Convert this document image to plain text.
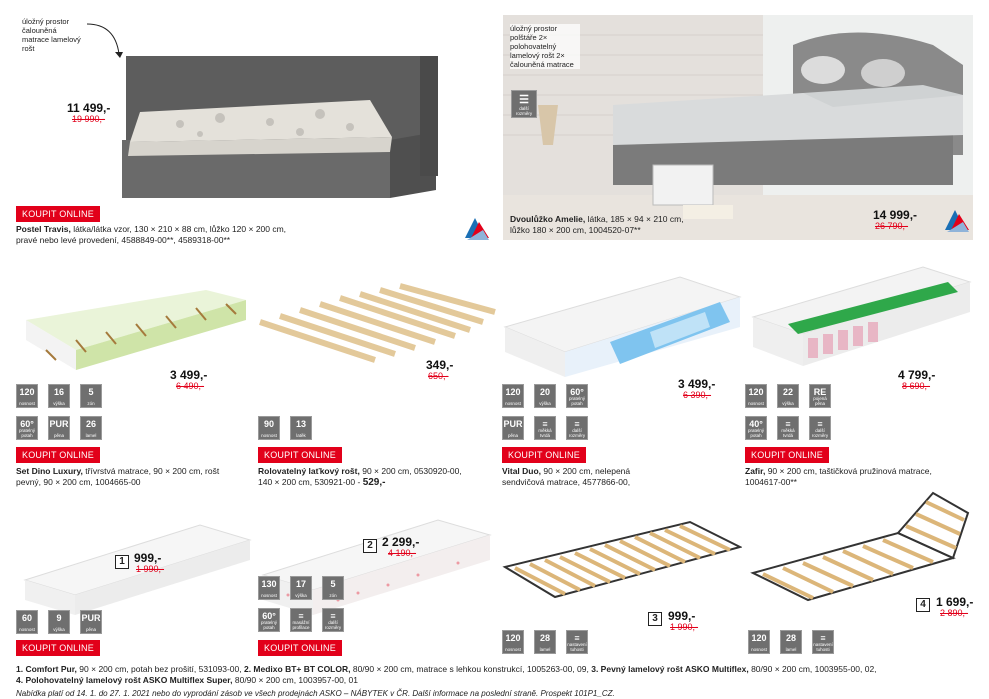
úložný prostor čalouněná matrace lamelový rošt
11 499,-
19 990,-
KOUPIT ONLINE
Postel Travis, látka/látka vzor, 130 × 210 × 88 cm, lůžko 120 × 200 cm, pravé nebo levé provedení, 4588849-00**, 4589318-00**
úložný prostor polštáře 2× polohovatelný lamelový rošt 2× čalouněná matrace
☰
další rozměry
14 999,-
26 790,-
Dvoulůžko Amelie, látka, 185 × 94 × 210 cm, lůžko 180 × 200 cm, 1004520-07**
3 499,-
6 490,-
120
nosnost
16
výška
5
zón
60°
pratelný potah
PUR
pěna
26
lamel
KOUPIT ONLINE
Set Dino Luxury, třívrstvá matrace, 90 × 200 cm, rošt pevný, 90 × 200 cm, 1004665-00
349,-
650,-
90
nosnost
13
latěk
KOUPIT ONLINE
Rolovatelný laťkový rošt, 90 × 200 cm, 0530920-00, 140 × 200 cm, 530921-00 - 529,-
3 499,-
6 390,-
120
nosnost
20
výška
60°
pratelný potah
PUR
pěna
≡
měkká tvrdá
≡
další rozměry
KOUPIT ONLINE
Vital Duo, 90 × 200 cm, nelepená sendvičová matrace, 4577866-00,
4 799,-
8 690,-
120
nosnost
22
výška
RE
pojená pěna
40°
pratelný potah
≡
měkká tvrdá
≡
další rozměry
KOUPIT ONLINE
Zafir, 90 × 200 cm, taštičková pružinová matrace, 1004617-00**
1 999,-
1 990,-
60
nosnost
9
výška
PUR
pěna
KOUPIT ONLINE
2 2 299,-
4 190,-
130
nosnost
17
výška
5
zón
60°
pratelný potah
≡
masážní profilace
≡
další rozměry
KOUPIT ONLINE
3 999,-
1 990,-
120
nosnost
28
lamel
≡
nastavení tuhosti
4 1 699,-
2 890,-
120
nosnost
28
lamel
≡
nastavení tuhosti
1. Comfort Pur, 90 × 200 cm, potah bez prošití, 531093-00, 2. Medixo BT+ BT COLOR, 80/90 × 200 cm, matrace s lehkou konstrukcí, 1005263-00, 09, 3. Pevný lamelový rošt ASKO Multiflex, 80/90 × 200 cm, 1003955-00, 02,
4. Polohovatelný lamelový rošt ASKO Multiflex Super, 80/90 × 200 cm, 1003957-00, 01
Nabídka platí od 14. 1. do 27. 1. 2021 nebo do vyprodání zásob ve všech prodejnách ASKO – NÁBYTEK v ČR. Další informace na poslední straně. Prospekt 101P1_CZ.
